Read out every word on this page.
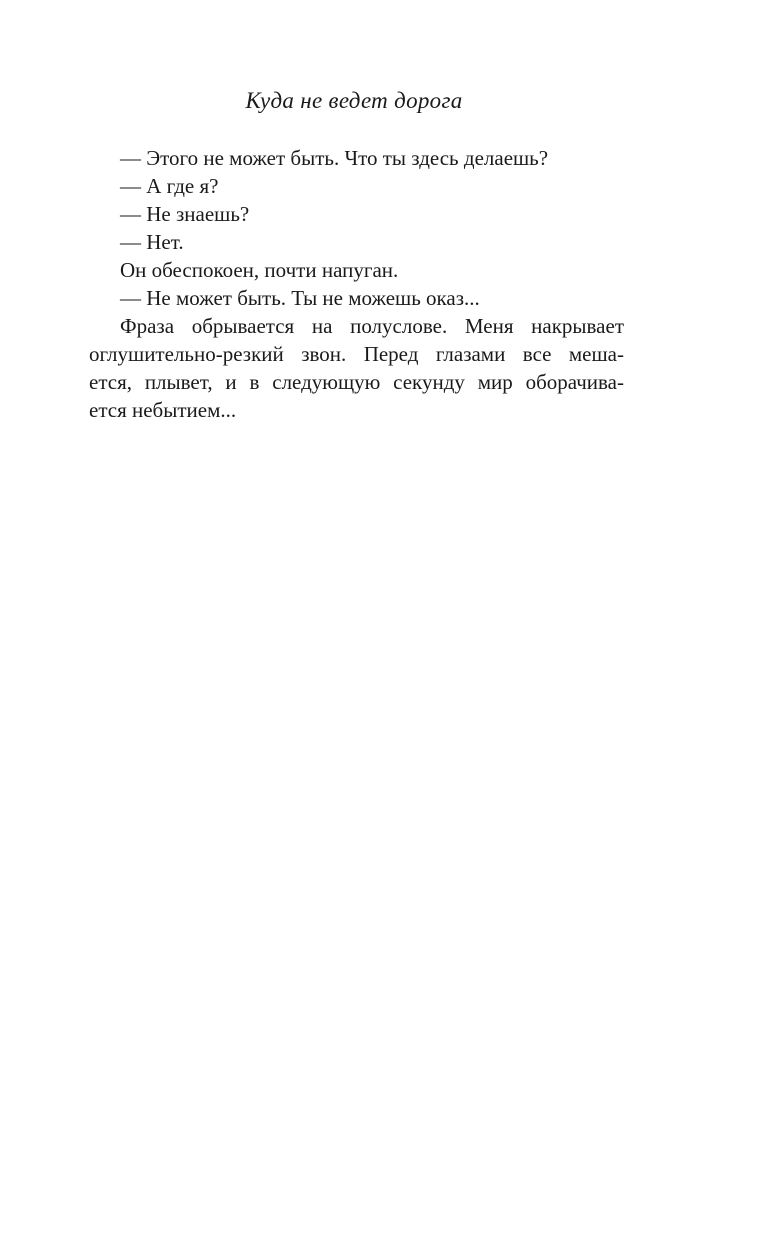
Куда не ведет дорога
— Этого не может быть. Что ты здесь делаешь?
— А где я?
— Не знаешь?
— Нет.
Он обеспокоен, почти напуган.
— Не может быть. Ты не можешь оказ...
Фраза обрывается на полуслове. Меня накрывает
оглушительно-резкий звон. Перед глазами все меша-
ется, плывет, и в следующую секунду мир оборачива-
ется небытием...
